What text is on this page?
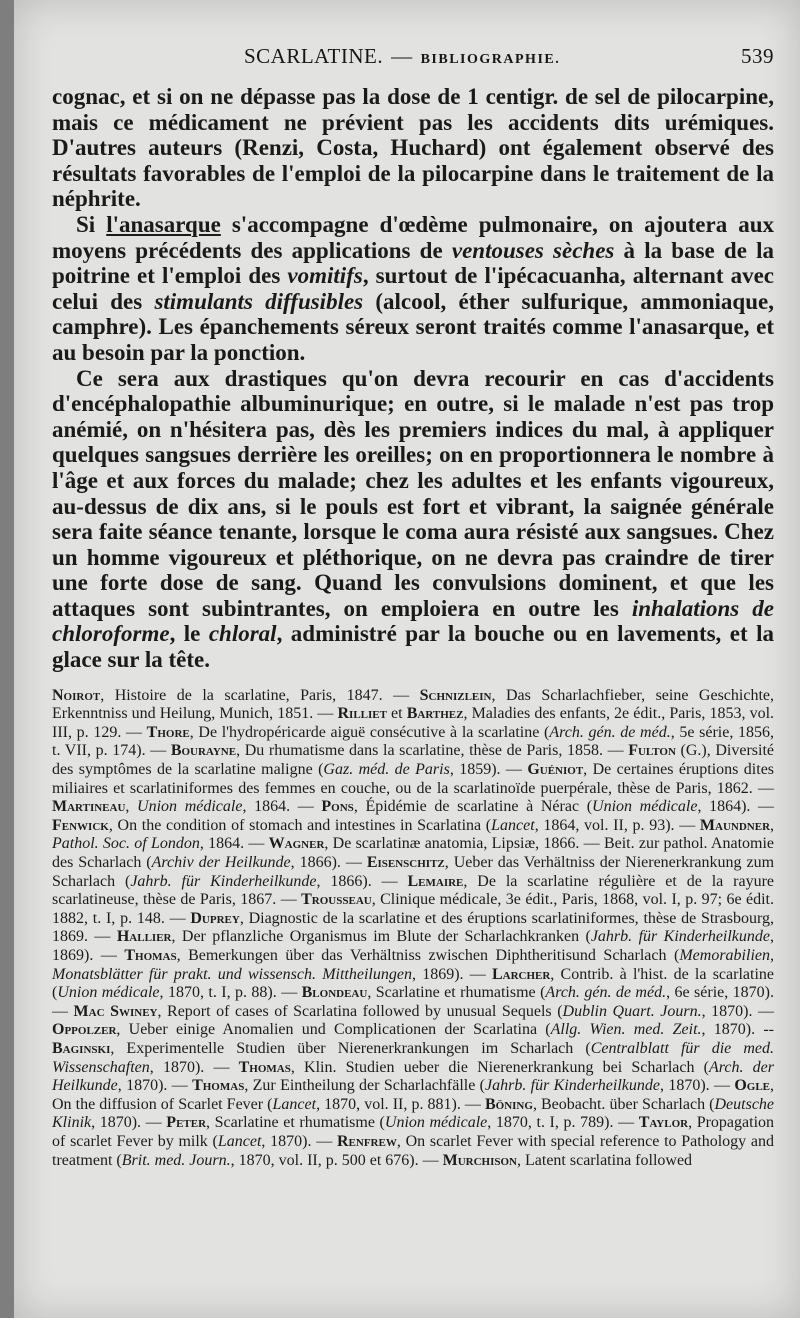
SCARLATINE. — BIBLIOGRAPHIE.	539

cognac, et si on ne dépasse pas la dose de 1 centigr. de sel de pilocarpine, mais ce médicament ne prévient pas les accidents dits urémiques. D'autres auteurs (Renzi, Costa, Huchard) ont également observé des résultats favorables de l'emploi de la pilocarpine dans le traitement de la néphrite.

Si l'anasarque s'accompagne d'œdème pulmonaire, on ajoutera aux moyens précédents des applications de ventouses sèches à la base de la poitrine et l'emploi des vomitifs, surtout de l'ipécacuanha, alternant avec celui des stimulants diffusibles (alcool, éther sulfurique, ammoniaque, camphre). Les épanchements séreux seront traités comme l'anasarque, et au besoin par la ponction.

Ce sera aux drastiques qu'on devra recourir en cas d'accidents d'encéphalopathie albuminurique; en outre, si le malade n'est pas trop anémié, on n'hésitera pas, dès les premiers indices du mal, à appliquer quelques sangsues derrière les oreilles; on en proportionnera le nombre à l'âge et aux forces du malade; chez les adultes et les enfants vigoureux, au-dessus de dix ans, si le pouls est fort et vibrant, la saignée générale sera faite séance tenante, lorsque le coma aura résisté aux sangsues. Chez un homme vigoureux et pléthorique, on ne devra pas craindre de tirer une forte dose de sang. Quand les convulsions dominent, et que les attaques sont subintrantes, on emploiera en outre les inhalations de chloroforme, le chloral, administré par la bouche ou en lavements, et la glace sur la tête.

Noirot, Histoire de la scarlatine, Paris, 1847. — Schnizlein, Das Scharlachfieber, seine Geschichte, Erkenntniss und Heilung, Munich, 1851. — Rilliet et Barthez, Maladies des enfants, 2e édit., Paris, 1853, vol. III, p. 129. — Thore, De l'hydropéricarde aiguë consécutive à la scarlatine (Arch. gén. de méd., 5e série, 1856, t. VII, p. 174). — Bourayne, Du rhumatisme dans la scarlatine, thèse de Paris, 1858. — Fulton (G.), Diversité des symptômes de la scarlatine maligne (Gaz. méd. de Paris, 1859). — Guéniot, De certaines éruptions dites miliaires et scarlatiniformes des femmes en couche, ou de la scarlatinoïde puerpérale, thèse de Paris, 1862. — Martineau, Union médicale, 1864. — Pons, Épidémie de scarlatine à Nérac (Union médicale, 1864). — Fenwick, On the condition of stomach and intestines in Scarlatina (Lancet, 1864, vol. II, p. 93). — Maundner, Pathol. Soc. of London, 1864. — Wagner, De scarlatinæ anatomia, Lipsiæ, 1866. — Beit. zur pathol. Anatomie des Scharlach (Archiv der Heilkunde, 1866). — Eisenschitz, Ueber das Verhältniss der Nierenerkrankung zum Scharlach (Jahrb. für Kinderheilkunde, 1866). — Lemaire, De la scarlatine régulière et de la rayure scarlatineuse, thèse de Paris, 1867. — Trousseau, Clinique médicale, 3e édit., Paris, 1868, vol. I, p. 97; 6e édit. 1882, t. I, p. 148. — Duprey, Diagnostic de la scarlatine et des éruptions scarlatiniformes, thèse de Strasbourg, 1869. — Hallier, Der pflanzliche Organismus im Blute der Scharlachkranken (Jahrb. für Kinderheilkunde, 1869). — Thomas, Bemerkungen über das Verhältniss zwischen Diphtheritisund Scharlach (Memorabilien, Monatsblätter für prakt. und wissensch. Mittheilungen, 1869). — Larcher, Contrib. à l'hist. de la scarlatine (Union médicale, 1870, t. I, p. 88). — Blondeau, Scarlatine et rhumatisme (Arch. gén. de méd., 6e série, 1870). — Mac Swiney, Report of cases of Scarlatina followed by unusual Sequels (Dublin Quart. Journ., 1870). — Oppolzer, Ueber einige Anomalien und Complicationen der Scarlatina (Allg. Wien. med. Zeit., 1870). -- Baginski, Experimentelle Studien über Nierenerkrankungen im Scharlach (Centralblatt für die med. Wissenschaften, 1870). — Thomas, Klin. Studien ueber die Nierenerkrankung bei Scharlach (Arch. der Heilkunde, 1870). — Thomas, Zur Eintheilung der Scharlachfälle (Jahrb. für Kinderheilkunde, 1870). — Ogle, On the diffusion of Scarlet Fever (Lancet, 1870, vol. II, p. 881). — Böning, Beobacht. über Scharlach (Deutsche Klinik, 1870). — Peter, Scarlatine et rhumatisme (Union médicale, 1870, t. I, p. 789). — Taylor, Propagation of scarlet Fever by milk (Lancet, 1870). — Renfrew, On scarlet Fever with special reference to Pathology and treatment (Brit. med. Journ., 1870, vol. II, p. 500 et 676). — Murchison, Latent scarlatina followed
